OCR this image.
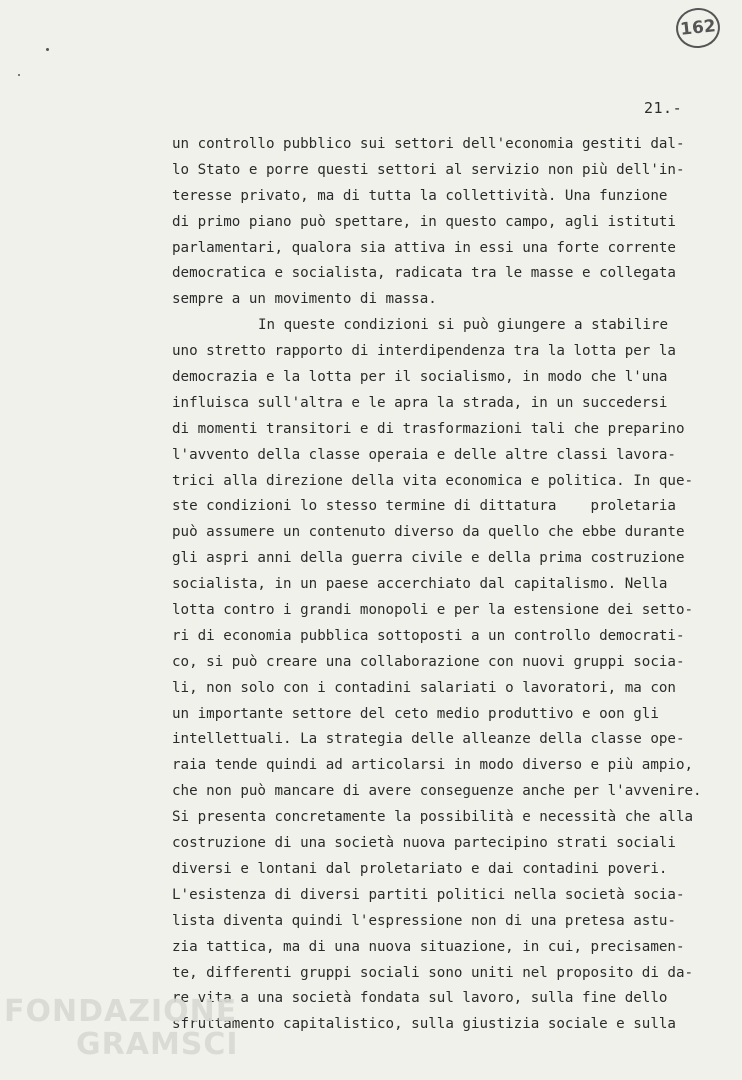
162
21.-
un controllo pubblico sui settori dell'economia gestiti dal-
lo Stato e porre questi settori al servizio non più dell'in-
teresse privato, ma di tutta la collettività. Una funzione
di primo piano può spettare, in questo campo, agli istituti
parlamentari, qualora sia attiva in essi una forte corrente
democratica e socialista, radicata tra le masse e collegata
sempre a un movimento di massa.
In queste condizioni si può giungere a stabilire
uno stretto rapporto di interdipendenza tra la lotta per la
democrazia e la lotta per il socialismo, in modo che l'una
influisca sull'altra e le apra la strada, in un succedersi
di momenti transitori e di trasformazioni tali che preparino
l'avvento della classe operaia e delle altre classi lavora-
trici alla direzione della vita economica e politica. In que-
ste condizioni lo stesso termine di dittatura    proletaria
può assumere un contenuto diverso da quello che ebbe durante
gli aspri anni della guerra civile e della prima costruzione
socialista, in un paese accerchiato dal capitalismo. Nella
lotta contro i grandi monopoli e per la estensione dei setto-
ri di economia pubblica sottoposti a un controllo democrati-
co, si può creare una collaborazione con nuovi gruppi socia-
li, non solo con i contadini salariati o lavoratori, ma con
un importante settore del ceto medio produttivo e oon gli
intellettuali. La strategia delle alleanze della classe ope-
raia tende quindi ad articolarsi in modo diverso e più ampio,
che non può mancare di avere conseguenze anche per l'avvenire.
Si presenta concretamente la possibilità e necessità che alla
costruzione di una società nuova partecipino strati sociali
diversi e lontani dal proletariato e dai contadini poveri.
L'esistenza di diversi partiti politici nella società socia-
lista diventa quindi l'espressione non di una pretesa astu-
zia tattica, ma di una nuova situazione, in cui, precisamen-
te, differenti gruppi sociali sono uniti nel proposito di da-
re vita a una società fondata sul lavoro, sulla fine dello
sfruttamento capitalistico, sulla giustizia sociale e sulla
FONDAZIONE
GRAMSCI
